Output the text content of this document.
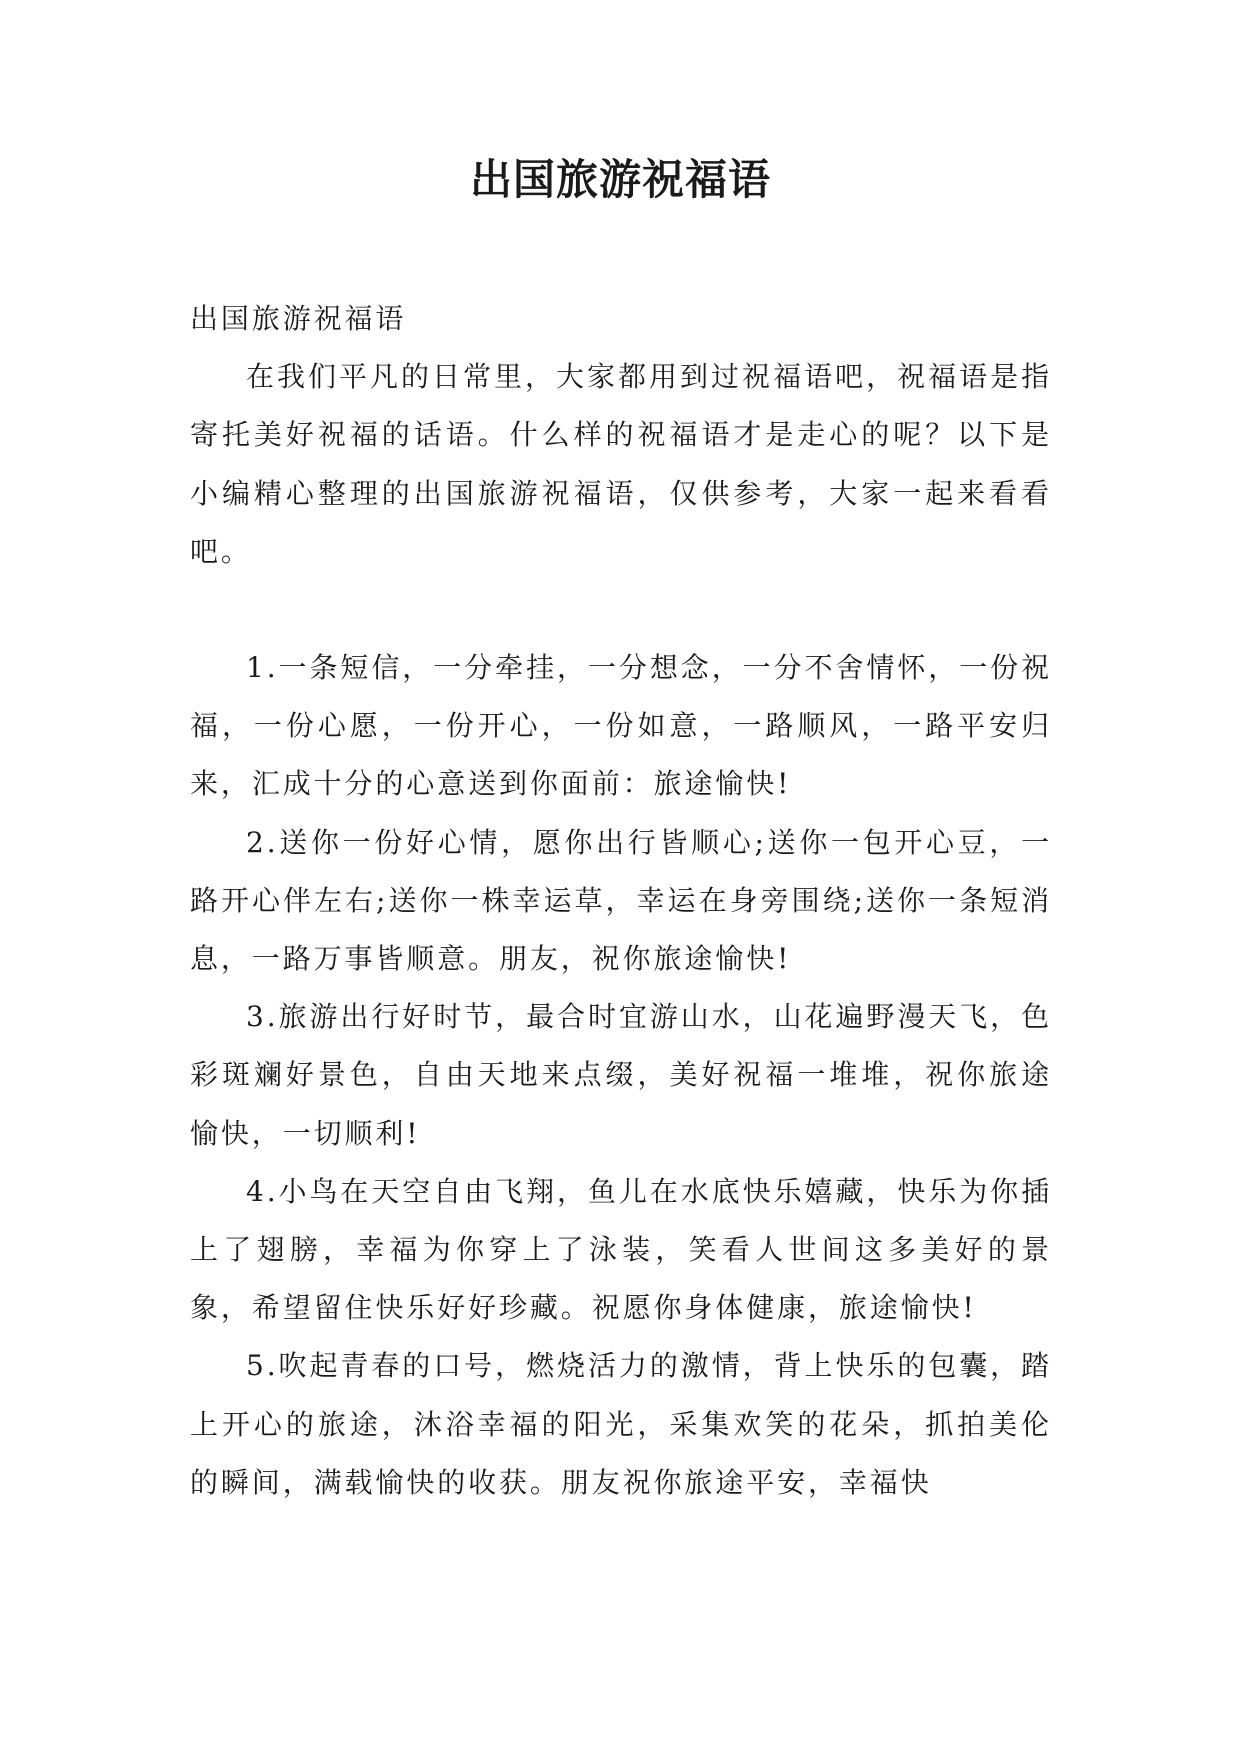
出国旅游祝福语

出国旅游祝福语

在我们平凡的日常里，大家都用到过祝福语吧，祝福语是指寄托美好祝福的话语。什么样的祝福语才是走心的呢？以下是小编精心整理的出国旅游祝福语，仅供参考，大家一起来看看吧。

1.一条短信，一分牵挂，一分想念，一分不舍情怀，一份祝福，一份心愿，一份开心，一份如意，一路顺风，一路平安归来，汇成十分的心意送到你面前：旅途愉快!

2.送你一份好心情，愿你出行皆顺心;送你一包开心豆，一路开心伴左右;送你一株幸运草，幸运在身旁围绕;送你一条短消息，一路万事皆顺意。朋友，祝你旅途愉快!

3.旅游出行好时节，最合时宜游山水，山花遍野漫天飞，色彩斑斓好景色，自由天地来点缀，美好祝福一堆堆，祝你旅途愉快，一切顺利!

4.小鸟在天空自由飞翔，鱼儿在水底快乐嬉藏，快乐为你插上了翅膀，幸福为你穿上了泳装，笑看人世间这多美好的景象，希望留住快乐好好珍藏。祝愿你身体健康，旅途愉快!

5.吹起青春的口号，燃烧活力的激情，背上快乐的包囊，踏上开心的旅途，沐浴幸福的阳光，采集欢笑的花朵，抓拍美伦的瞬间，满载愉快的收获。朋友祝你旅途平安，幸福快
